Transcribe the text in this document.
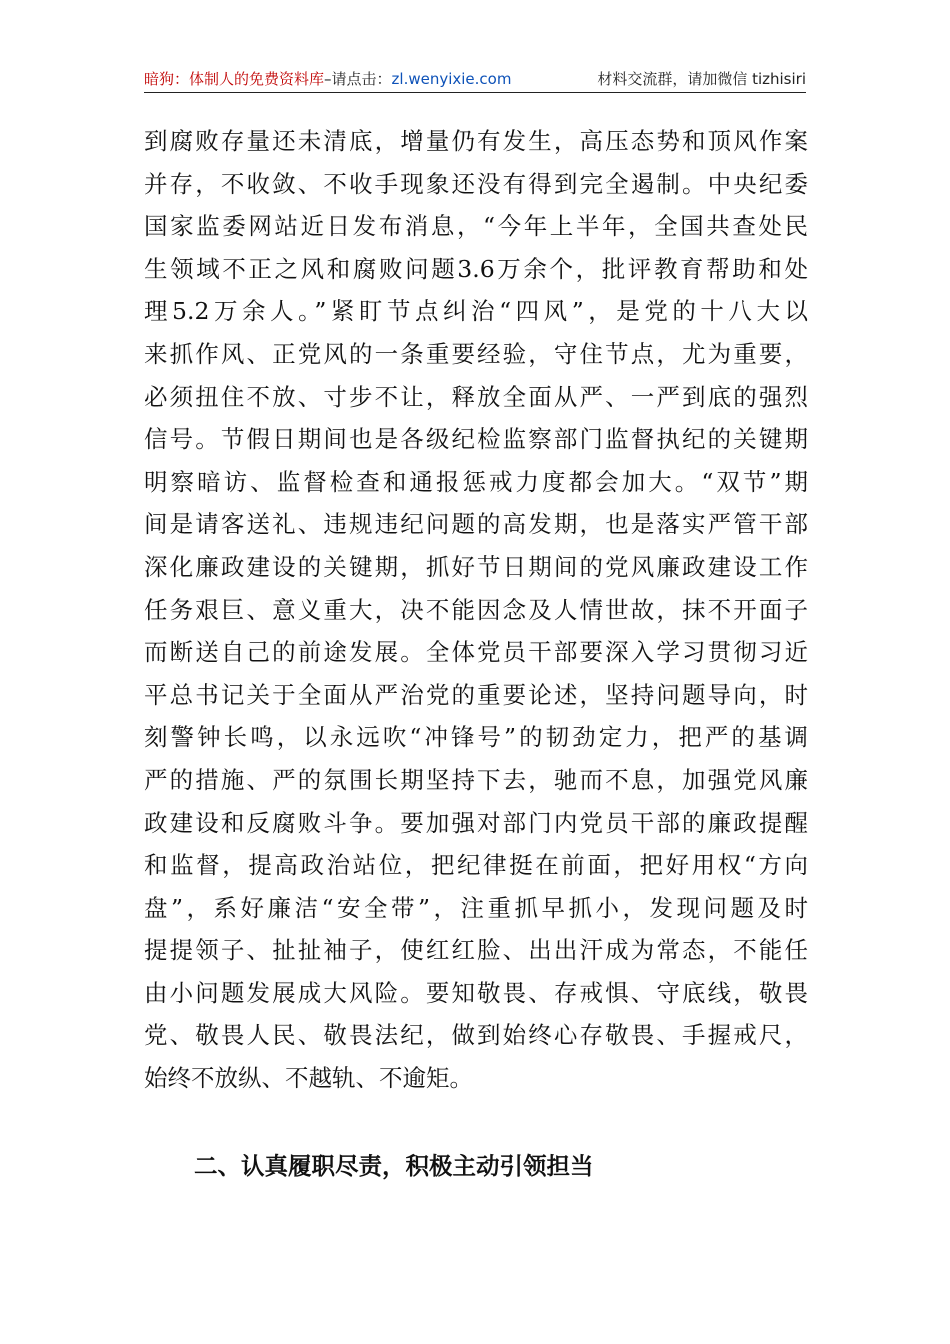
暗狗：体制人的免费资料库–请点击：zl.wenyixie.com	材料交流群，请加微信 tizhisiri
到腐败存量还未清底，增量仍有发生，高压态势和顶风作案
并存，不收敛、不收手现象还没有得到完全遏制。中央纪委
国家监委网站近日发布消息，“今年上半年，全国共查处民
生领域不正之风和腐败问题3.6万余个，批评教育帮助和处
理5.2万余人。”紧盯节点纠治“四风”，是党的十八大以
来抓作风、正党风的一条重要经验，守住节点，尤为重要，
必须扭住不放、寸步不让，释放全面从严、一严到底的强烈
信号。节假日期间也是各级纪检监察部门监督执纪的关键期
明察暗访、监督检查和通报惩戒力度都会加大。“双节”期
间是请客送礼、违规违纪问题的高发期，也是落实严管干部
深化廉政建设的关键期，抓好节日期间的党风廉政建设工作
任务艰巨、意义重大，决不能因念及人情世故，抹不开面子
而断送自己的前途发展。全体党员干部要深入学习贯彻习近
平总书记关于全面从严治党的重要论述，坚持问题导向，时
刻警钟长鸣，以永远吹“冲锋号”的韧劲定力，把严的基调
严的措施、严的氛围长期坚持下去，驰而不息，加强党风廉
政建设和反腐败斗争。要加强对部门内党员干部的廉政提醒
和监督，提高政治站位，把纪律挺在前面，把好用权“方向
盘”，系好廉洁“安全带”，注重抓早抓小，发现问题及时
提提领子、扯扯袖子，使红红脸、出出汗成为常态，不能任
由小问题发展成大风险。要知敬畏、存戒惧、守底线，敬畏
党、敬畏人民、敬畏法纪，做到始终心存敬畏、手握戒尺，
始终不放纵、不越轨、不逾矩。
二、认真履职尽责，积极主动引领担当
